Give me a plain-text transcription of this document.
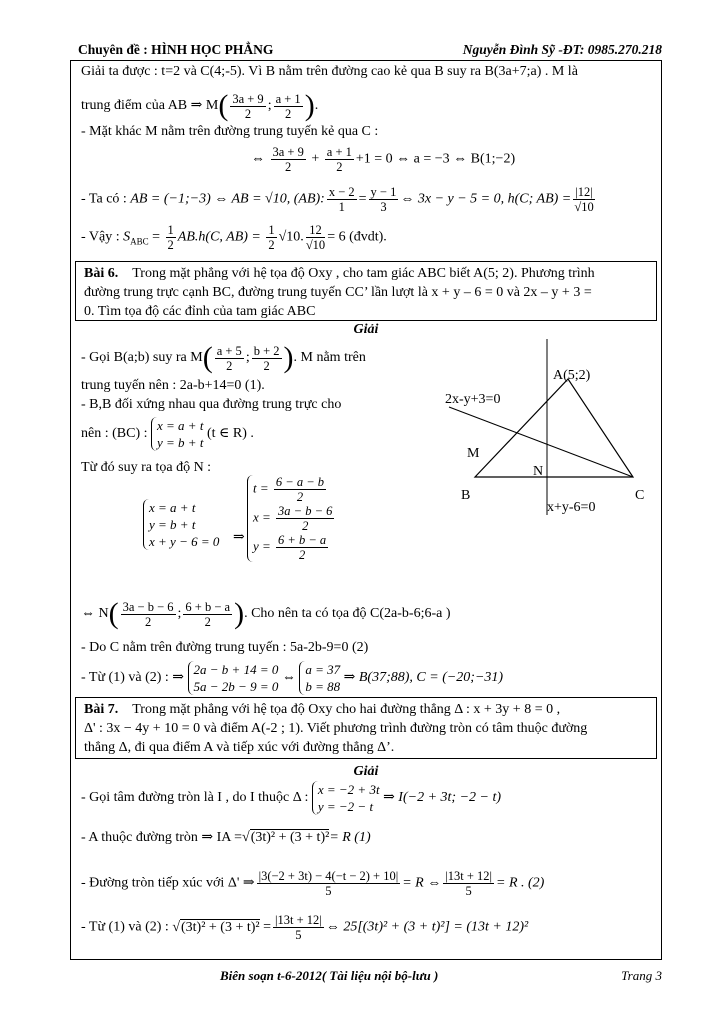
Chuyên đề : HÌNH HỌC PHẲNG	Nguyễn Đình Sỹ -ĐT: 0985.270.218
Giải ta được : t=2 và C(4;-5). Vì B nằm trên đường cao kẻ qua B suy ra B(3a+7;a) . M là
trung điểm của AB ⇒ $M( \frac{3a + 9}{2}$ ; $\frac{a + 1}{2}$ ).
- Mặt khác M nằm trên đường trung tuyến kẻ qua C :
⇔ $\frac{3a + 9}{2} + \frac{a + 1}{2} +1 = 0$ ⇔ a = −3 ⇔ B(1;−2)
- Ta có : AB = (−1;−3) ⇔ AB = √10, (AB): $\frac{x - 2}{1} = \frac{y - 1}{3}$ ⇔ 3x − y − 5 = 0, h(C; $AB) = \frac{|12|}{√10}$
- Vậy : $S_{ABC} = \frac{1}{2} AB.h(C$, $AB) = \frac{1}{2} √10$. $\frac{12}{√10} = 6$ (đvdt).
Bài 6. Trong mặt phẳng với hệ tọa độ Oxy , cho tam giác ABC biết A(5; 2). Phương trình
đường trung trực cạnh BC, đường trung tuyến CC’ lần lượt là x + y – 6 = 0 và 2x – y + 3 =
0. Tìm tọa độ các đỉnh của tam giác ABC
Giải
- Gọi B(a;b) suy ra $M( \frac{a + 5}{2}$ ; $\frac{b + 2}{2}$ ). M nằm trên
trung tuyến nên : 2a-b+14=0 (1).
- B,B đối xứng nhau qua đường trung trực cho
nên : (BC) : x = a + t
y = b + t (t ∈ R) .
Từ đó suy ra tọa độ N :
x = a + t
y = b + t
x + y − 6 = 0 ⇒
$t = \frac{6 - a - b}{2}$

$x = \frac{3a - b - 6}{2}$

$y = \frac{6 + b - a}{2}$
⇔ $N( \frac{3a - b - 6}{2}$ ; $\frac{6 + b - a}{2}$ ). Cho nên ta có tọa độ C(2a-b-6;6-a )
- Do C nằm trên đường trung tuyến : 5a-2b-9=0 (2)
- Từ (1) và (2) : ⇒ 2a − b + 14 = 0
5a − 2b − 9 = 0 ⇔ a = 37
b = 88 ⇒ B(37;88), C = (−20;−31)
A(5;2)
2x-y+3=0
M
N
B	C
x+y-6=0
Bài 7. Trong mặt phẳng với hệ tọa độ Oxy cho hai đường thẳng Δ : x + 3y + 8 = 0 ,
Δ' : 3x − 4y + 10 = 0 và điểm A(-2 ; 1). Viết phương trình đường tròn có tâm thuộc đường
thẳng Δ, đi qua điểm A và tiếp xúc với đường thẳng Δ’.
Giải
- Gọi tâm đường tròn là I , do I thuộc Δ : x = −2 + 3t
y = −2 − t ⇒ I(−2 + 3t; −2 − t)
- A thuộc đường tròn ⇒ IA = √ (3t)² + (3 + t)²= R (1)
- Đường tròn tiếp xúc với Δ' ⇒ $\frac{|3(-2 + 3t) - 4(-t - 2) + 10|}{5} = R$ ⇔ $\frac{|13t + 12|}{5} = R$ . (2)
- Từ (1) và (2) : √ $(3t)^2 + (3 + t)^2 = \frac{|13t + 12|}{5}$ ⇔ 25[(3t)² + (3 + t)²] = (13t + 12)²
Biên soạn t-6-2012( Tài liệu nội bộ-lưu )	Trang 3
